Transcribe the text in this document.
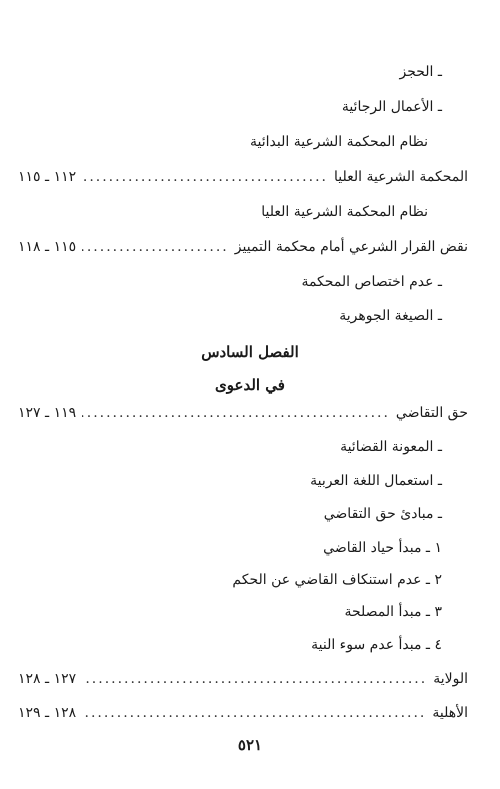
ـ الحجز
ـ الأعمال الرجائية
نظام المحكمة الشرعية البدائية
المحكمة الشرعية العليا
.....
١١٢ ـ ١١٥
نظام المحكمة الشرعية العليا
نقض القرار الشرعي أمام محكمة التمييز
.....
١١٥ ـ ١١٨
ـ عدم اختصاص المحكمة
ـ الصيغة الجوهرية
الفصل السادس
في الدعوى
حق التقاضي
.....
١١٩ ـ ١٢٧
ـ المعونة القضائية
ـ استعمال اللغة العربية
ـ مبادئ حق التقاضي
١ ـ مبدأ حياد القاضي
٢ ـ عدم استنكاف القاضي عن الحكم
٣ ـ مبدأ المصلحة
٤ ـ مبدأ عدم سوء النية
الولاية
.....
١٢٧ ـ ١٢٨
الأهلية
.....
١٢٨ ـ ١٢٩
٥٢١
